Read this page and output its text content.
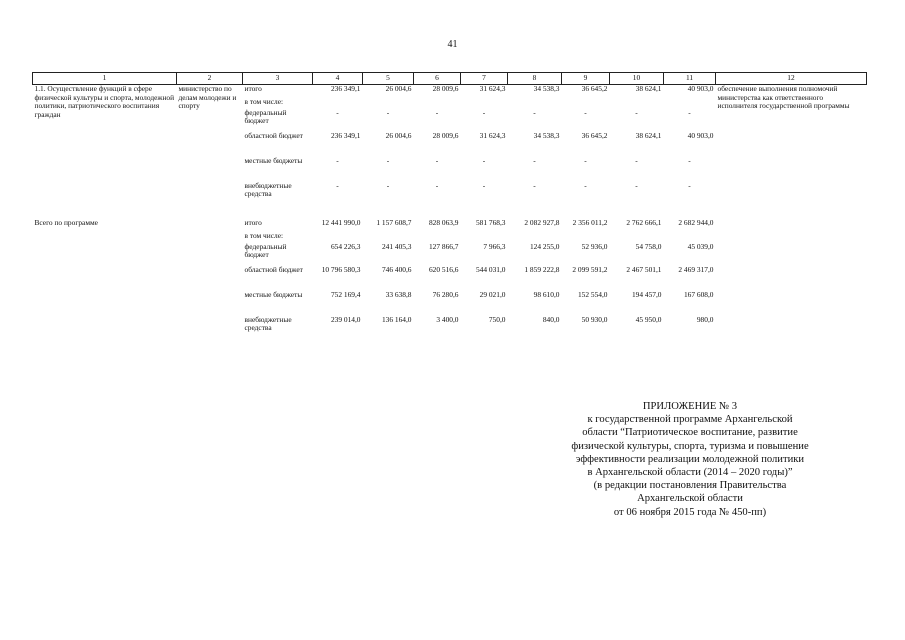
41
1	2	3	4	5	6	7	8	9	10	11	12
1.1. Осуществление функций в сфере физической культуры и спорта, молодежной политики, патриотического воспитания граждан	министерство по делам молодежи и спорту	итого	236 349,1	26 004,6	28 009,6	31 624,3	34 538,3	36 645,2	38 624,1	40 903,0	обеспечение выполнения полномочий министерства как ответственного исполнителя государственной программы
		в том числе:									
		федеральный бюджет	-	-	-	-	-	-	-	-	
		областной бюджет	236 349,1	26 004,6	28 009,6	31 624,3	34 538,3	36 645,2	38 624,1	40 903,0	
		местные бюджеты	-	-	-	-	-	-	-	-	
		внебюджетные средства	-	-	-	-	-	-	-	-	

Всего по программе		итого	12 441 990,0	1 157 608,7	828 063,9	581 768,3	2 082 927,8	2 356 011,2	2 762 666,1	2 682 944,0	
		в том числе:									
		федеральный бюджет	654 226,3	241 405,3	127 866,7	7 966,3	124 255,0	52 936,0	54 758,0	45 039,0	
		областной бюджет	10 796 580,3	746 400,6	620 516,6	544 031,0	1 859 222,8	2 099 591,2	2 467 501,1	2 469 317,0	
		местные бюджеты	752 169,4	33 638,8	76 280,6	29 021,0	98 610,0	152 554,0	194 457,0	167 608,0	
		внебюджетные средства	239 014,0	136 164,0	3 400,0	750,0	840,0	50 930,0	45 950,0	980,0	
ПРИЛОЖЕНИЕ № 3
к государственной программе Архангельской
области “Патриотическое воспитание, развитие
физической культуры, спорта, туризма и повышение
эффективности реализации молодежной политики
в Архангельской области (2014 – 2020 годы)”
(в редакции постановления Правительства
Архангельской области
от 06 ноября 2015 года № 450-пп)
